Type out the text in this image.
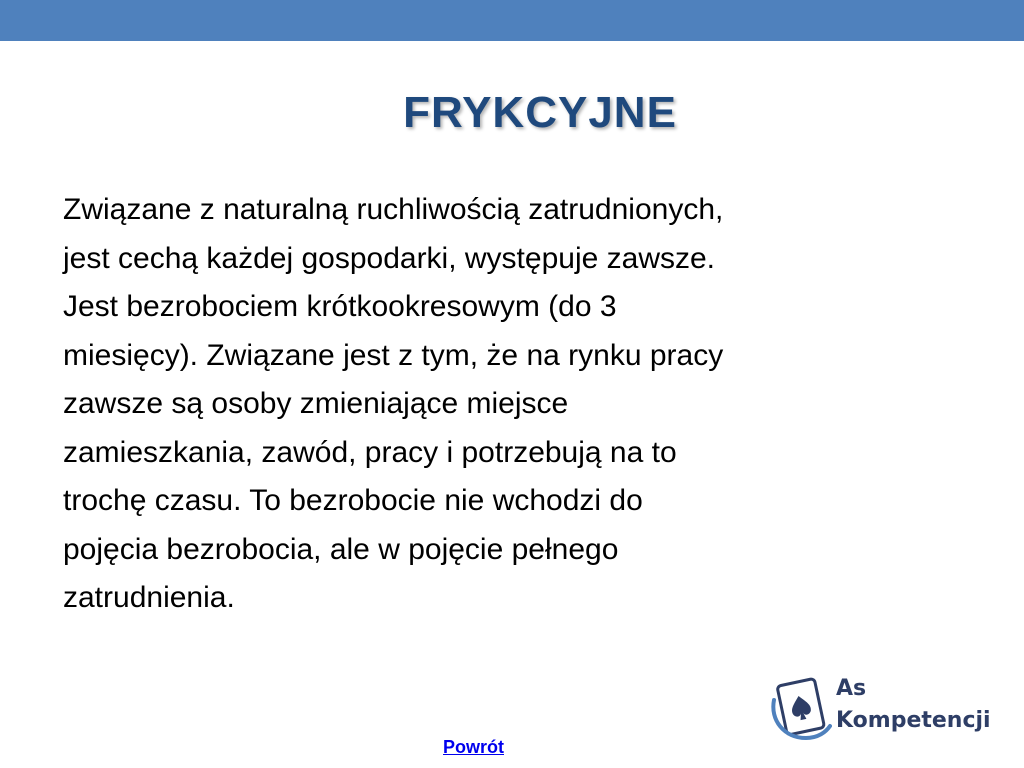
FRYKCYJNE

Związane z naturalną ruchliwością zatrudnionych,
jest cechą każdej gospodarki, występuje zawsze.
Jest bezrobociem krótkookresowym (do 3
miesięcy). Związane jest z tym, że na rynku pracy
zawsze są osoby zmieniające miejsce
zamieszkania, zawód, pracy i potrzebują na to
trochę czasu. To bezrobocie nie wchodzi do
pojęcia bezrobocia, ale w pojęcie pełnego
zatrudnienia.

As
Kompetencji
Powrót
